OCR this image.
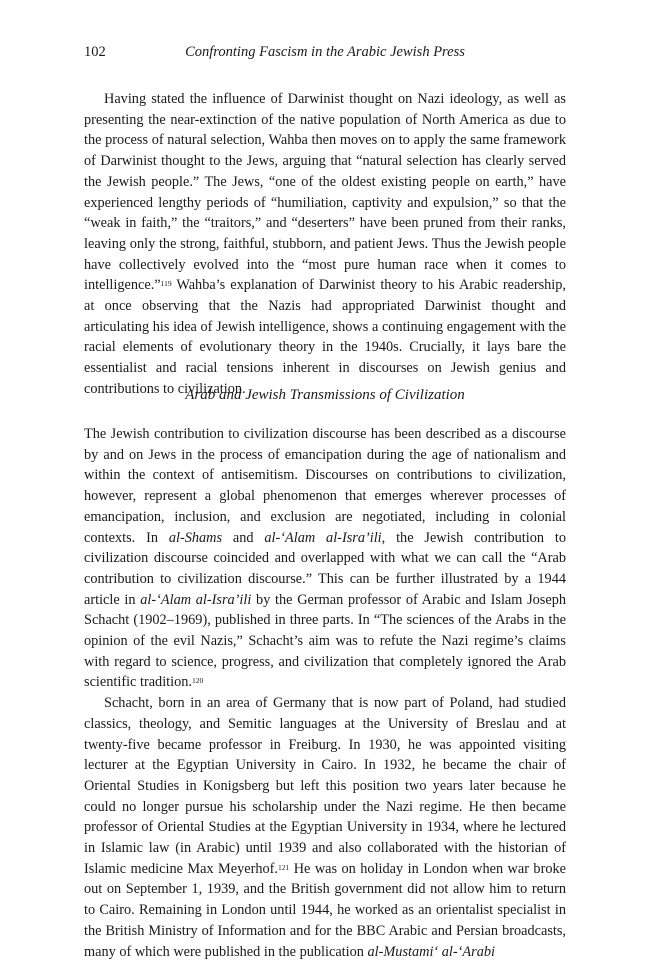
102	Confronting Fascism in the Arabic Jewish Press

Having stated the influence of Darwinist thought on Nazi ideology, as well as presenting the near-extinction of the native population of North America as due to the process of natural selection, Wahba then moves on to apply the same framework of Darwinist thought to the Jews, arguing that “natural selection has clearly served the Jewish people.” The Jews, “one of the oldest existing people on earth,” have experienced lengthy periods of “humiliation, captivity and expulsion,” so that the “weak in faith,” the “traitors,” and “deserters” have been pruned from their ranks, leaving only the strong, faithful, stubborn, and patient Jews. Thus the Jewish people have collectively evolved into the “most pure human race when it comes to intelligence.”$^{119}$ Wahba’s explanation of Darwinist theory to his Arabic readership, at once observing that the Nazis had appropriated Darwinist thought and articulating his idea of Jewish intelligence, shows a continuing engagement with the racial elements of evolutionary theory in the 1940s. Crucially, it lays bare the essentialist and racial tensions inherent in discourses on Jewish genius and contributions to civilization.

Arab and Jewish Transmissions of Civilization

The Jewish contribution to civilization discourse has been described as a discourse by and on Jews in the process of emancipation during the age of nationalism and within the context of antisemitism. Discourses on contributions to civilization, however, represent a global phenomenon that emerges wherever processes of emancipation, inclusion, and exclusion are negotiated, including in colonial contexts. In al-Shams and al-‘Alam al-Isra’ili, the Jewish contribution to civilization discourse coincided and overlapped with what we can call the “Arab contribution to civilization discourse.” This can be further illustrated by a 1944 article in al-‘Alam al-Isra’ili by the German professor of Arabic and Islam Joseph Schacht (1902–1969), published in three parts. In “The sciences of the Arabs in the opinion of the evil Nazis,” Schacht’s aim was to refute the Nazi regime’s claims with regard to science, progress, and civilization that completely ignored the Arab scientific tradition.$^{120}$

Schacht, born in an area of Germany that is now part of Poland, had studied classics, theology, and Semitic languages at the University of Breslau and at twenty-five became professor in Freiburg. In 1930, he was appointed visiting lecturer at the Egyptian University in Cairo. In 1932, he became the chair of Oriental Studies in Konigsberg but left this position two years later because he could no longer pursue his scholarship under the Nazi regime. He then became professor of Oriental Studies at the Egyptian University in 1934, where he lectured in Islamic law (in Arabic) until 1939 and also collaborated with the historian of Islamic medicine Max Meyerhof.$^{121}$ He was on holiday in London when war broke out on September 1, 1939, and the British government did not allow him to return to Cairo. Remaining in London until 1944, he worked as an orientalist specialist in the British Ministry of Information and for the BBC Arabic and Persian broadcasts, many of which were published in the publication al-Mustami‘ al-‘Arabi
